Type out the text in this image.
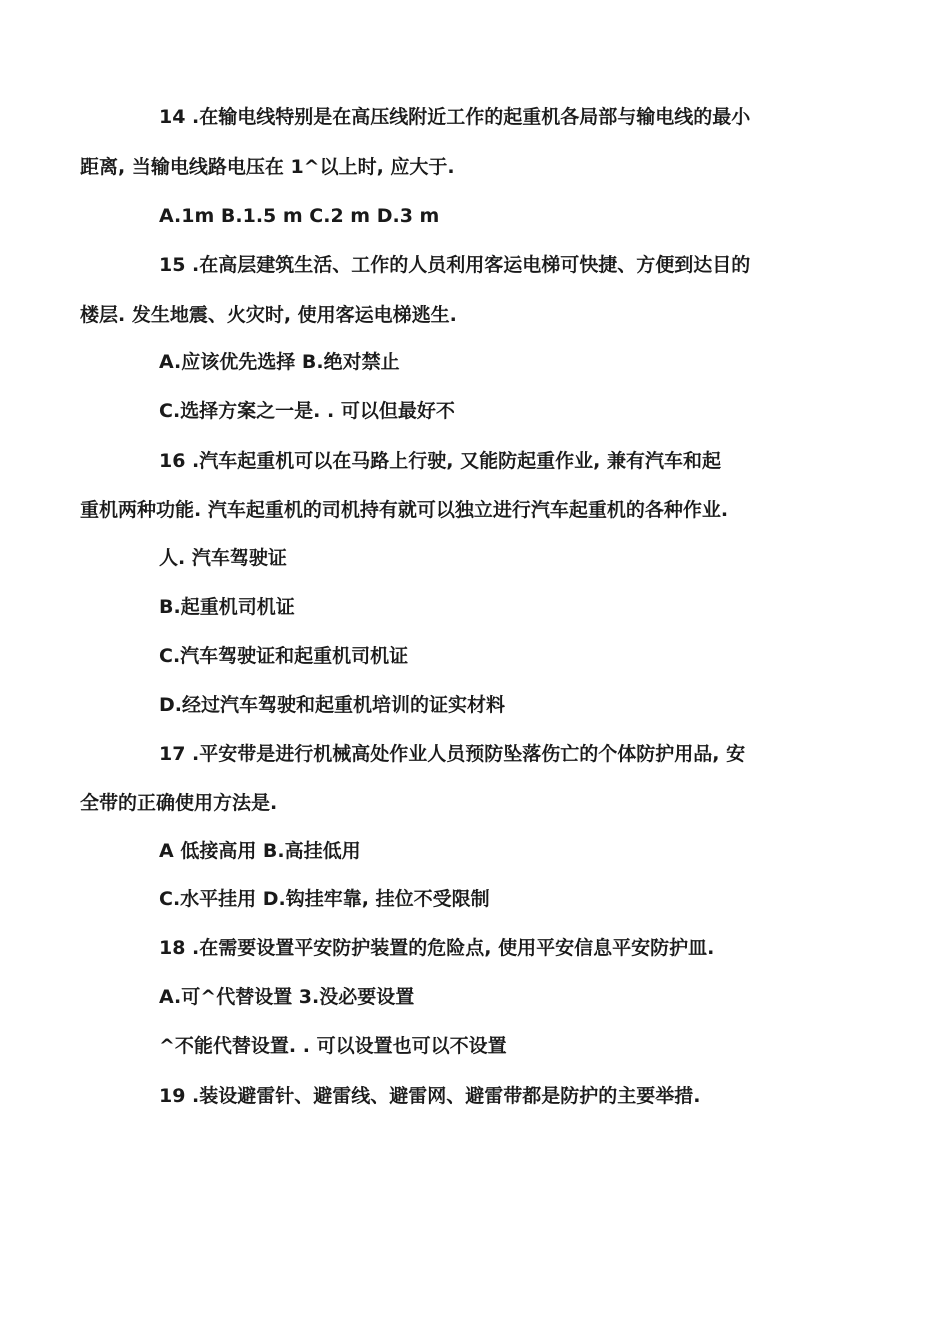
14 .在输电线特别是在高压线附近工作的起重机各局部与输电线的最小
距离, 当输电线路电压在 1^以上时, 应大于.
A.1m B.1.5 m C.2 m D.3 m
15 .在高层建筑生活、工作的人员利用客运电梯可快捷、方便到达目的
楼层. 发生地震、火灾时, 使用客运电梯逃生.
A.应该优先选择 B.绝对禁止
C.选择方案之一是. . 可以但最好不
16 .汽车起重机可以在马路上行驶, 又能防起重作业, 兼有汽车和起
重机两种功能. 汽车起重机的司机持有就可以独立进行汽车起重机的各种作业.
人. 汽车驾驶证
B.起重机司机证
C.汽车驾驶证和起重机司机证
D.经过汽车驾驶和起重机培训的证实材料
17 .平安带是进行机械高处作业人员预防坠落伤亡的个体防护用品, 安
全带的正确使用方法是.
A 低接高用 B.高挂低用
C.水平挂用 D.钩挂牢靠, 挂位不受限制
18 .在需要设置平安防护装置的危险点, 使用平安信息平安防护皿.
A.可^代替设置 3.没必要设置
^不能代替设置. . 可以设置也可以不设置
19 .装设避雷针、避雷线、避雷网、避雷带都是防护的主要举措.
